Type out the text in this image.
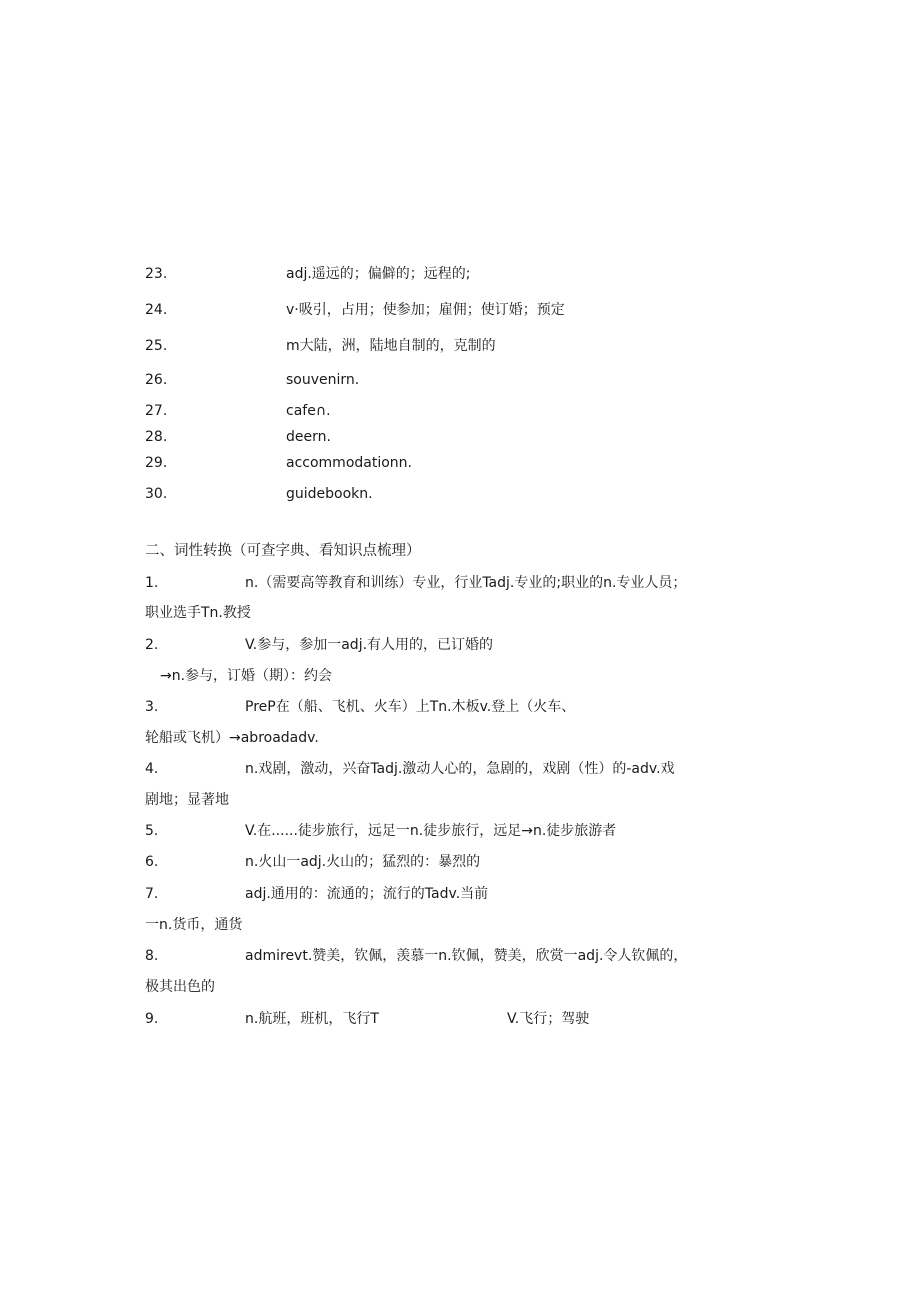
23.	adj.遥远的；偏僻的；远程的;
24.	v·吸引，占用；使参加；雇佣；使订婚；预定
25.	m大陆，洲，陆地自制的，克制的
26.	souvenirn.
27.	cafe∩.
28.	deern.
29.	accommodationn.
30.	guidebookn.
二、词性转换（可查字典、看知识点梳理）
1.	n.（需要高等教育和训练）专业，行业Tadj.专业的;职业的n.专业人员；
职业选手Tn.教授
2.	V.参与，参加一adj.有人用的，已订婚的
→n.参与，订婚（期）：约会
3.	PreP在（船、飞机、火车）上Tn.木板v.登上（火车、
轮船或飞机）→abroadadv.
4.	n.戏剧，激动，兴奋Tadj.激动人心的，急剧的，戏剧（性）的-adv.戏
剧地；显著地
5.	V.在......徒步旅行，远足一n.徒步旅行，远足→n.徒步旅游者
6.	n.火山一adj.火山的；猛烈的：暴烈的
7.	adj.通用的：流通的；流行的Tadv.当前
一n.货币，通货
8.	admirevt.赞美，钦佩，羡慕一n.钦佩，赞美，欣赏一adj.令人钦佩的，
极其出色的
9.	n.航班，班机，飞行T	V.飞行；驾驶
